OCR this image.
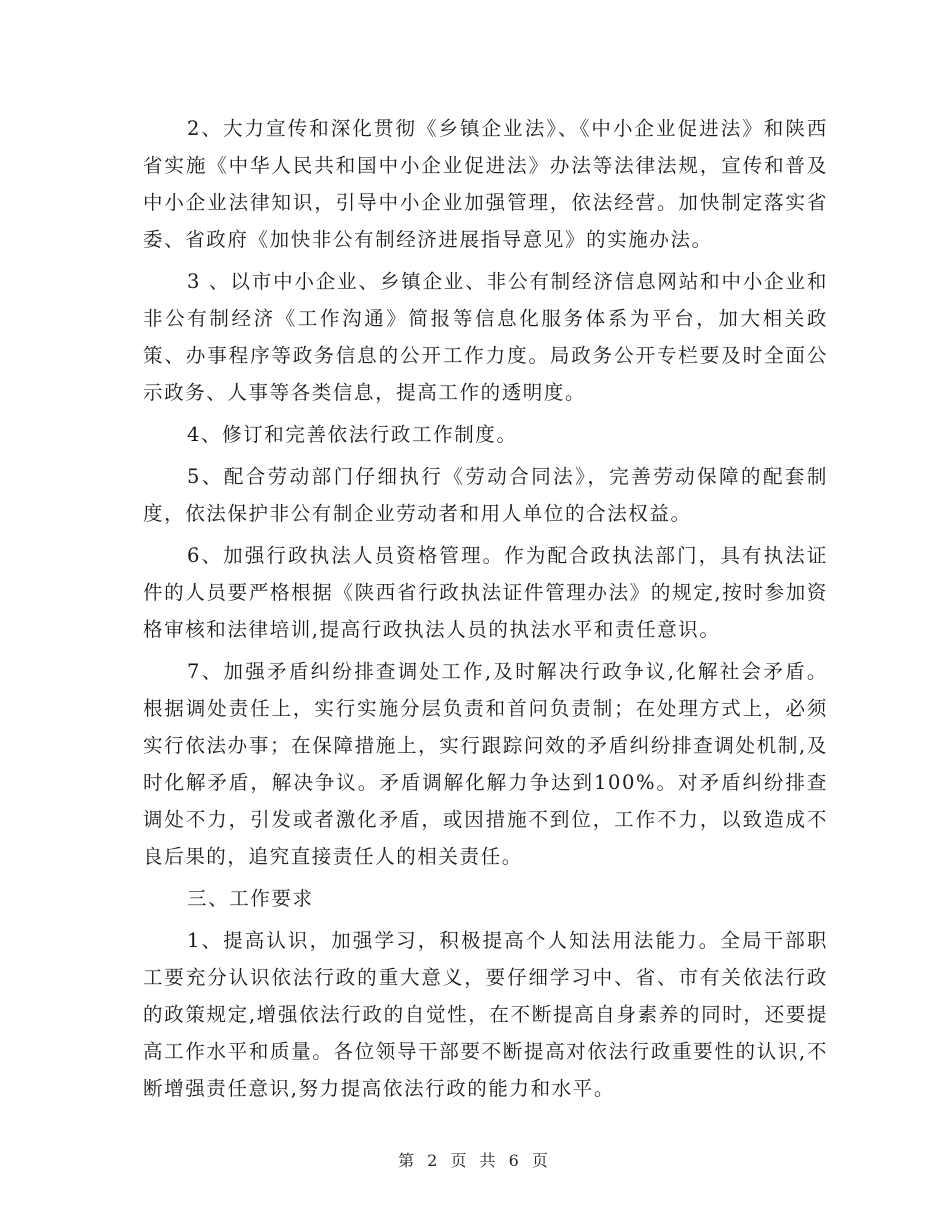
2、大力宣传和深化贯彻《乡镇企业法》、《中小企业促进法》和陕西省实施《中华人民共和国中小企业促进法》办法等法律法规，宣传和普及中小企业法律知识，引导中小企业加强管理，依法经营。加快制定落实省委、省政府《加快非公有制经济进展指导意见》的实施办法。

3 、以市中小企业、乡镇企业、非公有制经济信息网站和中小企业和非公有制经济《工作沟通》简报等信息化服务体系为平台，加大相关政策、办事程序等政务信息的公开工作力度。局政务公开专栏要及时全面公示政务、人事等各类信息，提高工作的透明度。

4、修订和完善依法行政工作制度。

5、配合劳动部门仔细执行《劳动合同法》，完善劳动保障的配套制度，依法保护非公有制企业劳动者和用人单位的合法权益。

6、加强行政执法人员资格管理。作为配合政执法部门，具有执法证件的人员要严格根据《陕西省行政执法证件管理办法》的规定,按时参加资格审核和法律培训,提高行政执法人员的执法水平和责任意识。

7、加强矛盾纠纷排查调处工作,及时解决行政争议,化解社会矛盾。根据调处责任上，实行实施分层负责和首问负责制；在处理方式上，必须实行依法办事；在保障措施上，实行跟踪问效的矛盾纠纷排查调处机制,及时化解矛盾，解决争议。矛盾调解化解力争达到100%。对矛盾纠纷排查调处不力，引发或者激化矛盾，或因措施不到位，工作不力，以致造成不良后果的，追究直接责任人的相关责任。

三、工作要求

1、提高认识，加强学习，积极提高个人知法用法能力。全局干部职工要充分认识依法行政的重大意义，要仔细学习中、省、市有关依法行政的政策规定,增强依法行政的自觉性，在不断提高自身素养的同时，还要提高工作水平和质量。各位领导干部要不断提高对依法行政重要性的认识,不断增强责任意识,努力提高依法行政的能力和水平。

第 2 页 共 6 页
